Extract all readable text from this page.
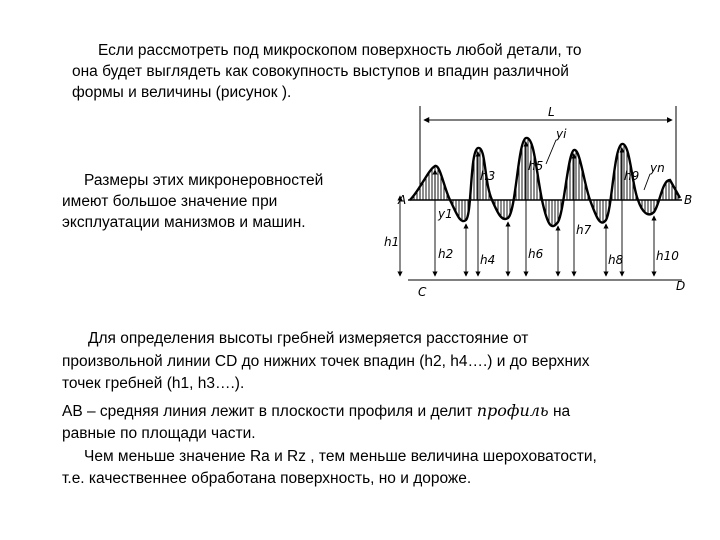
Если рассмотреть под микроскопом поверхность любой детали, то
она будет выглядеть как совокупность выступов и впадин различной
формы и величины (рисунок ).
Размеры этих микронеровностей
имеют большое значение при
эксплуатации манизмов и машин.
L
A	B
C	D
yi
yn
y1
h1
h2
h3
h4
h5
h6
h7
h8
h9
h10
Для определения высоты гребней измеряется расстояние от
произвольной линии CD до нижних точек впадин (h2, h4….) и до верхних
точек гребней (h1, h3….).
АВ – средняя линия лежит в плоскости профиля и делит профиль на
равные по площади части.
Чем меньше значение Ra и Rz , тем меньше величина шероховатости,
т.е. качественнее обработана поверхность, но и дороже.
